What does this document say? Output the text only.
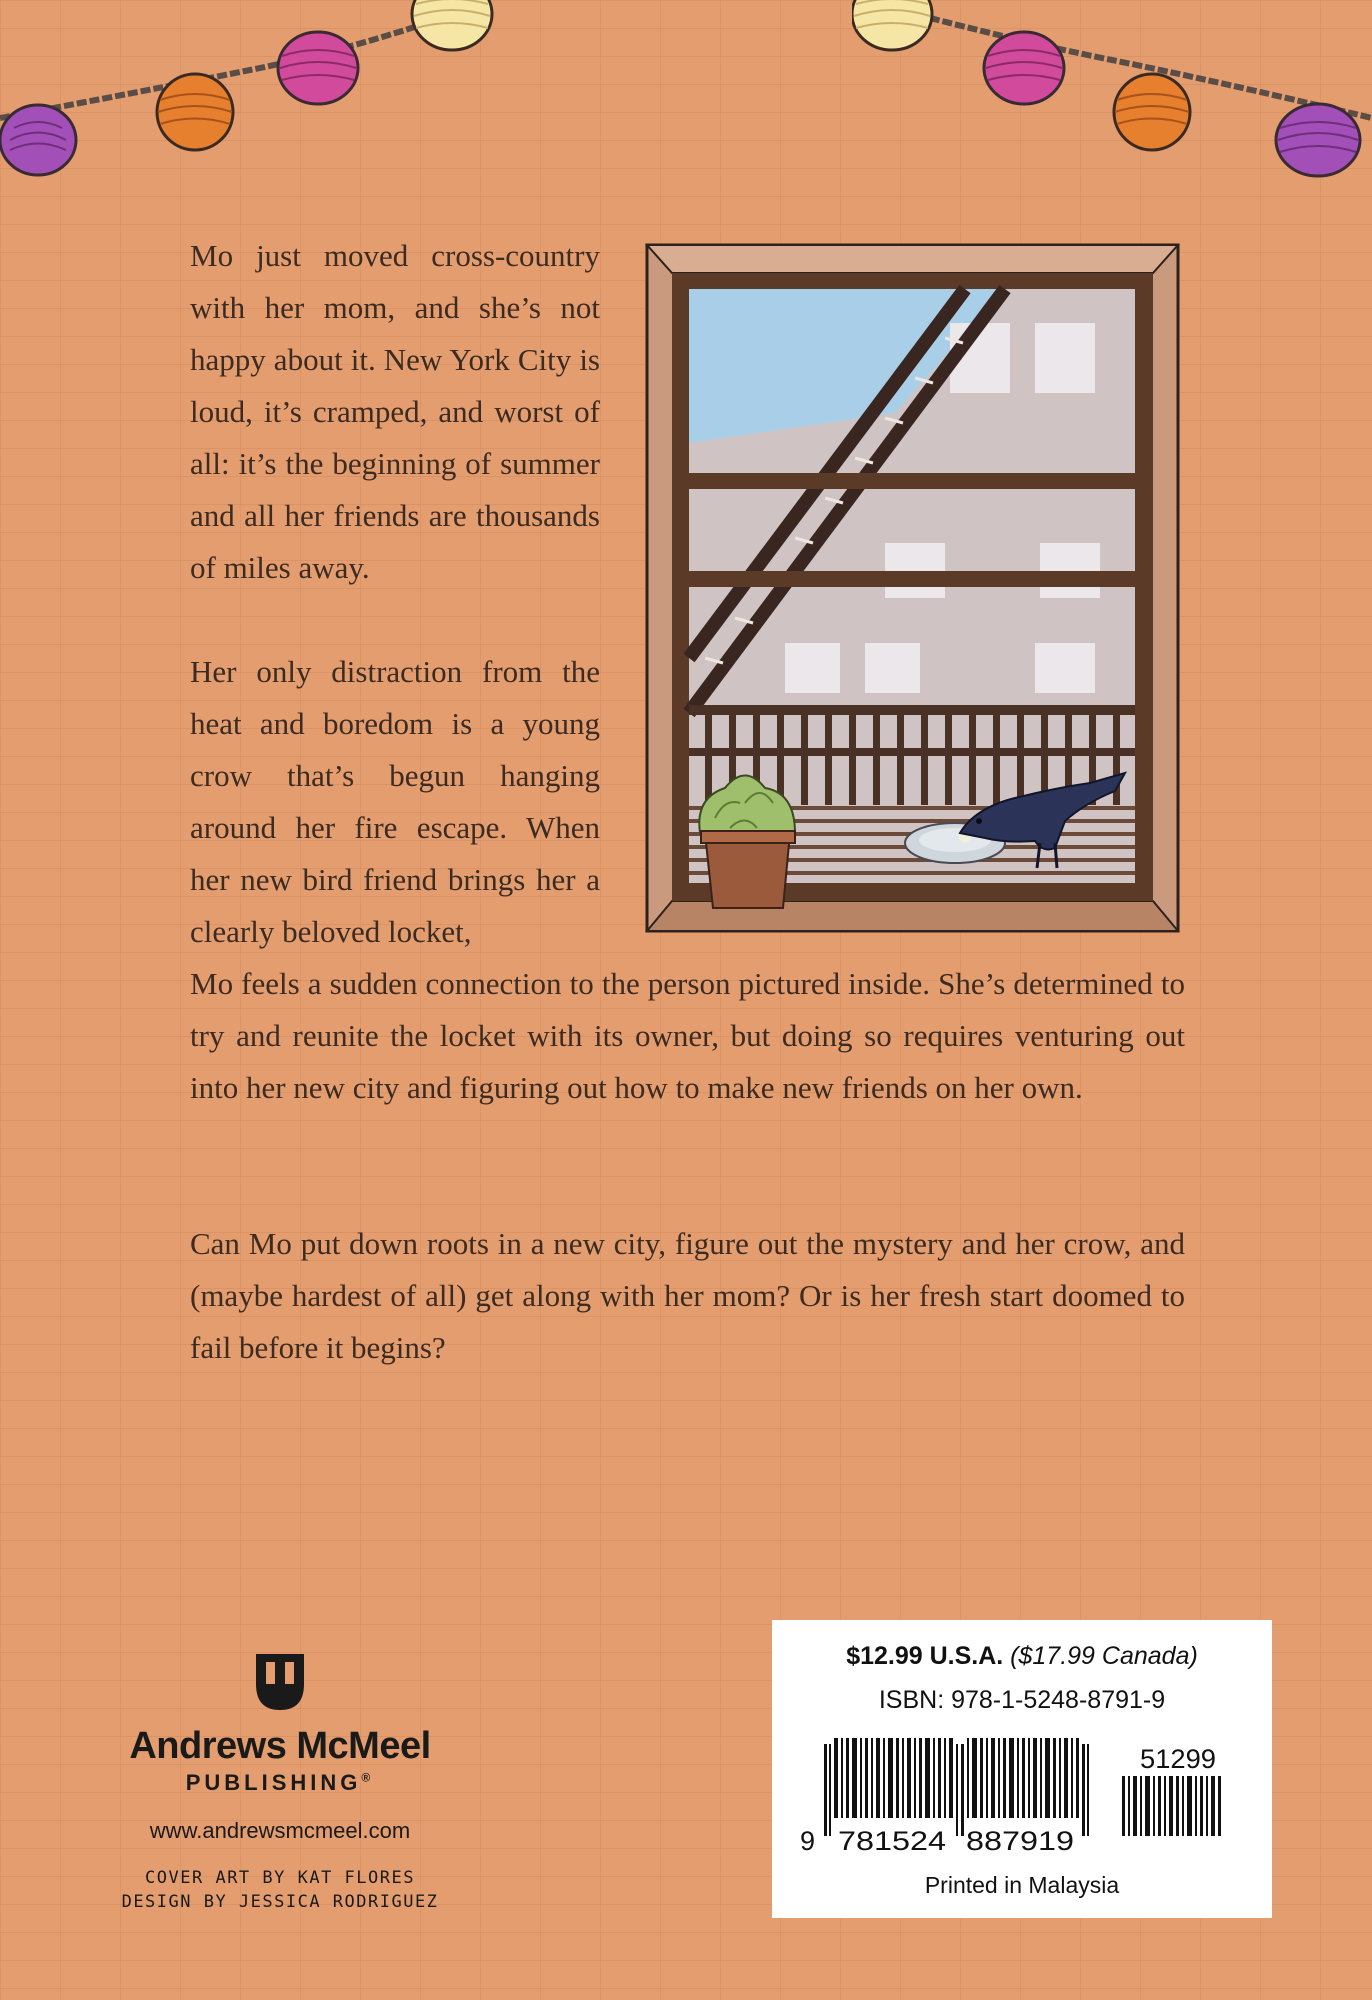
Mo just moved cross-country with her mom, and she’s not happy about it. New York City is loud, it’s cramped, and worst of all: it’s the beginning of summer and all her friends are thousands of miles away.

Her only distraction from the heat and boredom is a young crow that’s begun hanging around her fire escape. When her new bird friend brings her a clearly beloved locket,

Mo feels a sudden connection to the person pictured inside. She’s determined to try and reunite the locket with its owner, but doing so requires venturing out into her new city and figuring out how to make new friends on her own.

Can Mo put down roots in a new city, figure out the mystery and her crow, and (maybe hardest of all) get along with her mom? Or is her fresh start doomed to fail before it begins?

Andrews McMeel
PUBLISHING®
www.andrewsmcmeel.com
COVER ART BY KAT FLORES
DESIGN BY JESSICA RODRIGUEZ
$12.99 U.S.A. ($17.99 Canada)
ISBN: 978-1-5248-8791-9
9 781524 887919
51299
Printed in Malaysia
